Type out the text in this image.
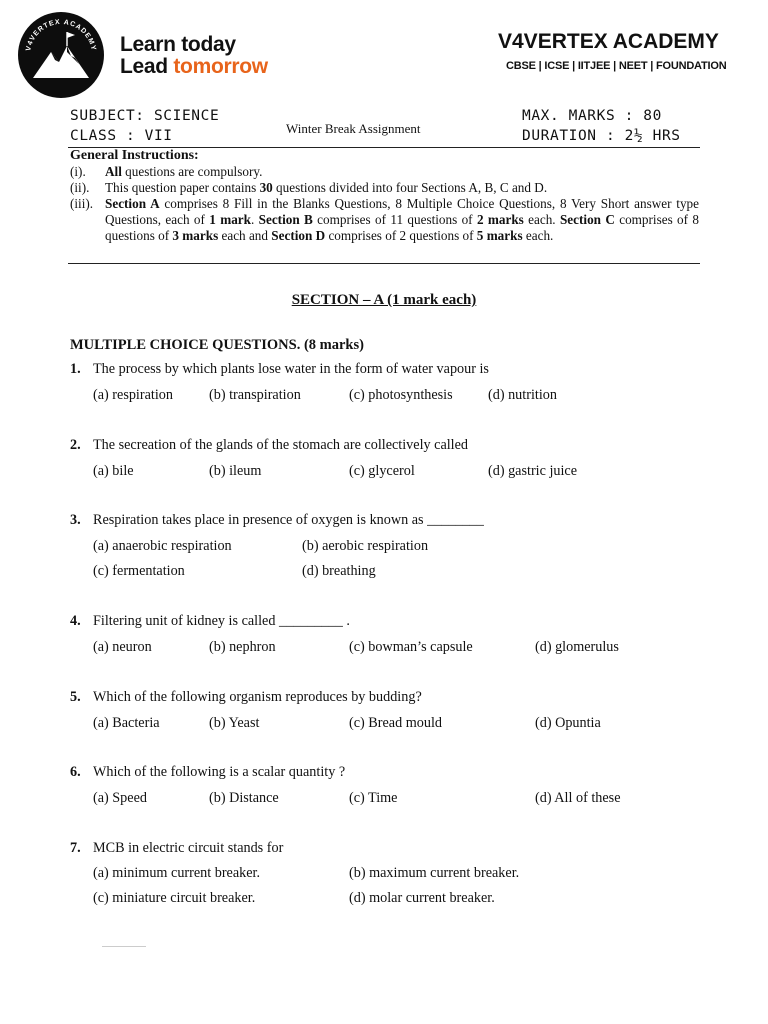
V4VERTEX ACADEMY Learn today
Lead tomorrow
V4VERTEX ACADEMY
CBSE | ICSE | IITJEE | NEET | FOUNDATION
SUBJECT: SCIENCE
CLASS : VII	Winter Break Assignment
MAX. MARKS : 80
DURATION : 2½ HRS
General Instructions:
(i). All questions are compulsory.
(ii). This question paper contains 30 questions divided into four Sections A, B, C and D.
(iii). Section A comprises 8 Fill in the Blanks Questions, 8 Multiple Choice Questions, 8 Very Short answer type Questions, each of 1 mark. Section B comprises of 11 questions of 2 marks each. Section C comprises of 8 questions of 3 marks each and Section D comprises of 2 questions of 5 marks each.
SECTION – A (1 mark each)
MULTIPLE CHOICE QUESTIONS. (8 marks)
1. The process by which plants lose water in the form of water vapour is
(a) respiration	(b) transpiration	(c) photosynthesis (d) nutrition
2. The secreation of the glands of the stomach are collectively called
(a) bile	(b) ileum	(c) glycerol	(d) gastric juice
3. Respiration takes place in presence of oxygen is known as ________
(a) anaerobic respiration	(b) aerobic respiration
(c) fermentation	(d) breathing
4. Filtering unit of kidney is called _________ .
(a) neuron	(b) nephron	(c) bowman’s capsule	(d) glomerulus
5. Which of the following organism reproduces by budding?
(a) Bacteria	(b) Yeast	(c) Bread mould	(d) Opuntia
6. Which of the following is a scalar quantity ?
(a) Speed	(b) Distance	(c) Time	(d) All of these
7. MCB in electric circuit stands for
(a) minimum current breaker.	(b) maximum current breaker.
(c) miniature circuit breaker.	(d) molar current breaker.
